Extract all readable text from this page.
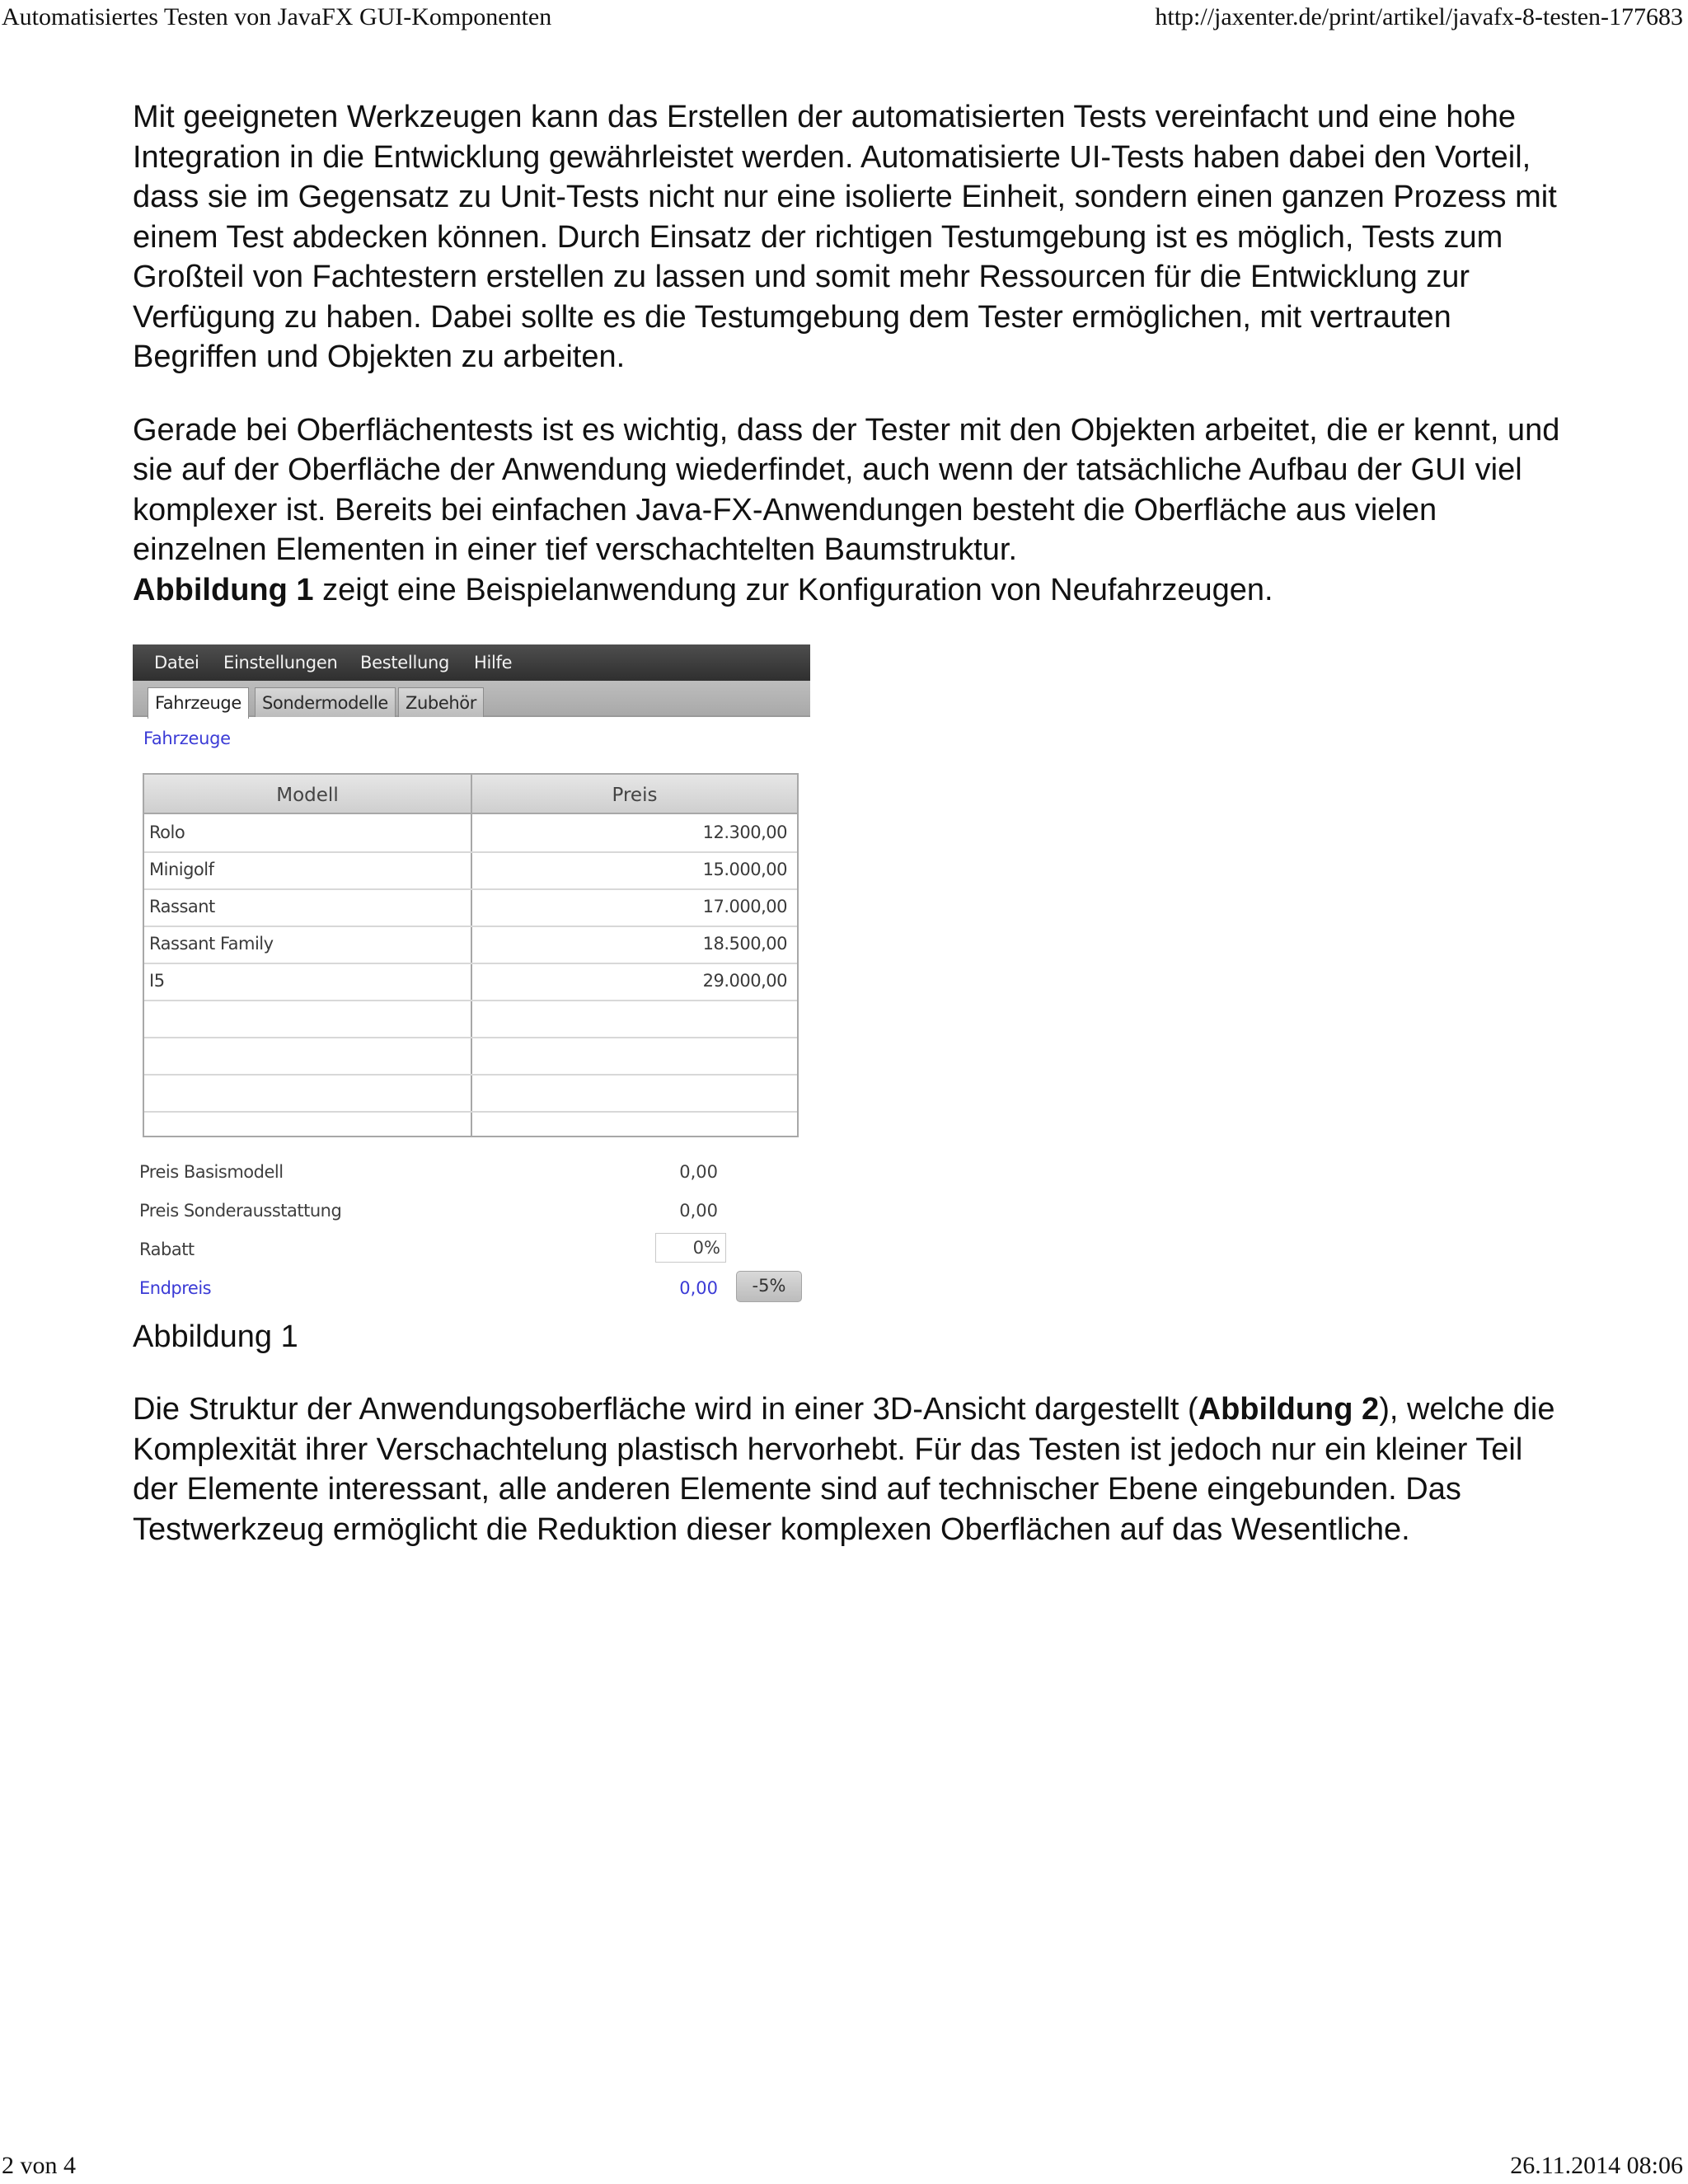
Automatisiertes Testen von JavaFX GUI-Komponenten	http://jaxenter.de/print/artikel/javafx-8-testen-177683

Mit geeigneten Werkzeugen kann das Erstellen der automatisierten Tests vereinfacht und eine hohe Integration in die Entwicklung gewährleistet werden. Automatisierte UI-Tests haben dabei den Vorteil, dass sie im Gegensatz zu Unit-Tests nicht nur eine isolierte Einheit, sondern einen ganzen Prozess mit einem Test abdecken können. Durch Einsatz der richtigen Testumgebung ist es möglich, Tests zum Großteil von Fachtestern erstellen zu lassen und somit mehr Ressourcen für die Entwicklung zur Verfügung zu haben. Dabei sollte es die Testumgebung dem Tester ermöglichen, mit vertrauten Begriffen und Objekten zu arbeiten.

Gerade bei Oberflächentests ist es wichtig, dass der Tester mit den Objekten arbeitet, die er kennt, und sie auf der Oberfläche der Anwendung wiederfindet, auch wenn der tatsächliche Aufbau der GUI viel komplexer ist. Bereits bei einfachen Java-FX-Anwendungen besteht die Oberfläche aus vielen einzelnen Elementen in einer tief verschachtelten Baumstruktur.
Abbildung 1 zeigt eine Beispielanwendung zur Konfiguration von Neufahrzeugen.

Datei Einstellungen Bestellung Hilfe
Fahrzeuge	Sondermodelle	Zubehör
Fahrzeuge
Modell	Preis
Rolo	12.300,00
Minigolf	15.000,00
Rassant	17.000,00
Rassant Family	18.500,00
I5	29.000,00
Preis Basismodell	0,00
Preis Sonderausstattung	0,00
Rabatt	0%
Endpreis	0,00	-5%

Abbildung 1

Die Struktur der Anwendungsoberfläche wird in einer 3D-Ansicht dargestellt (Abbildung 2), welche die Komplexität ihrer Verschachtelung plastisch hervorhebt. Für das Testen ist jedoch nur ein kleiner Teil der Elemente interessant, alle anderen Elemente sind auf technischer Ebene eingebunden. Das Testwerkzeug ermöglicht die Reduktion dieser komplexen Oberflächen auf das Wesentliche.

2 von 4	26.11.2014 08:06
